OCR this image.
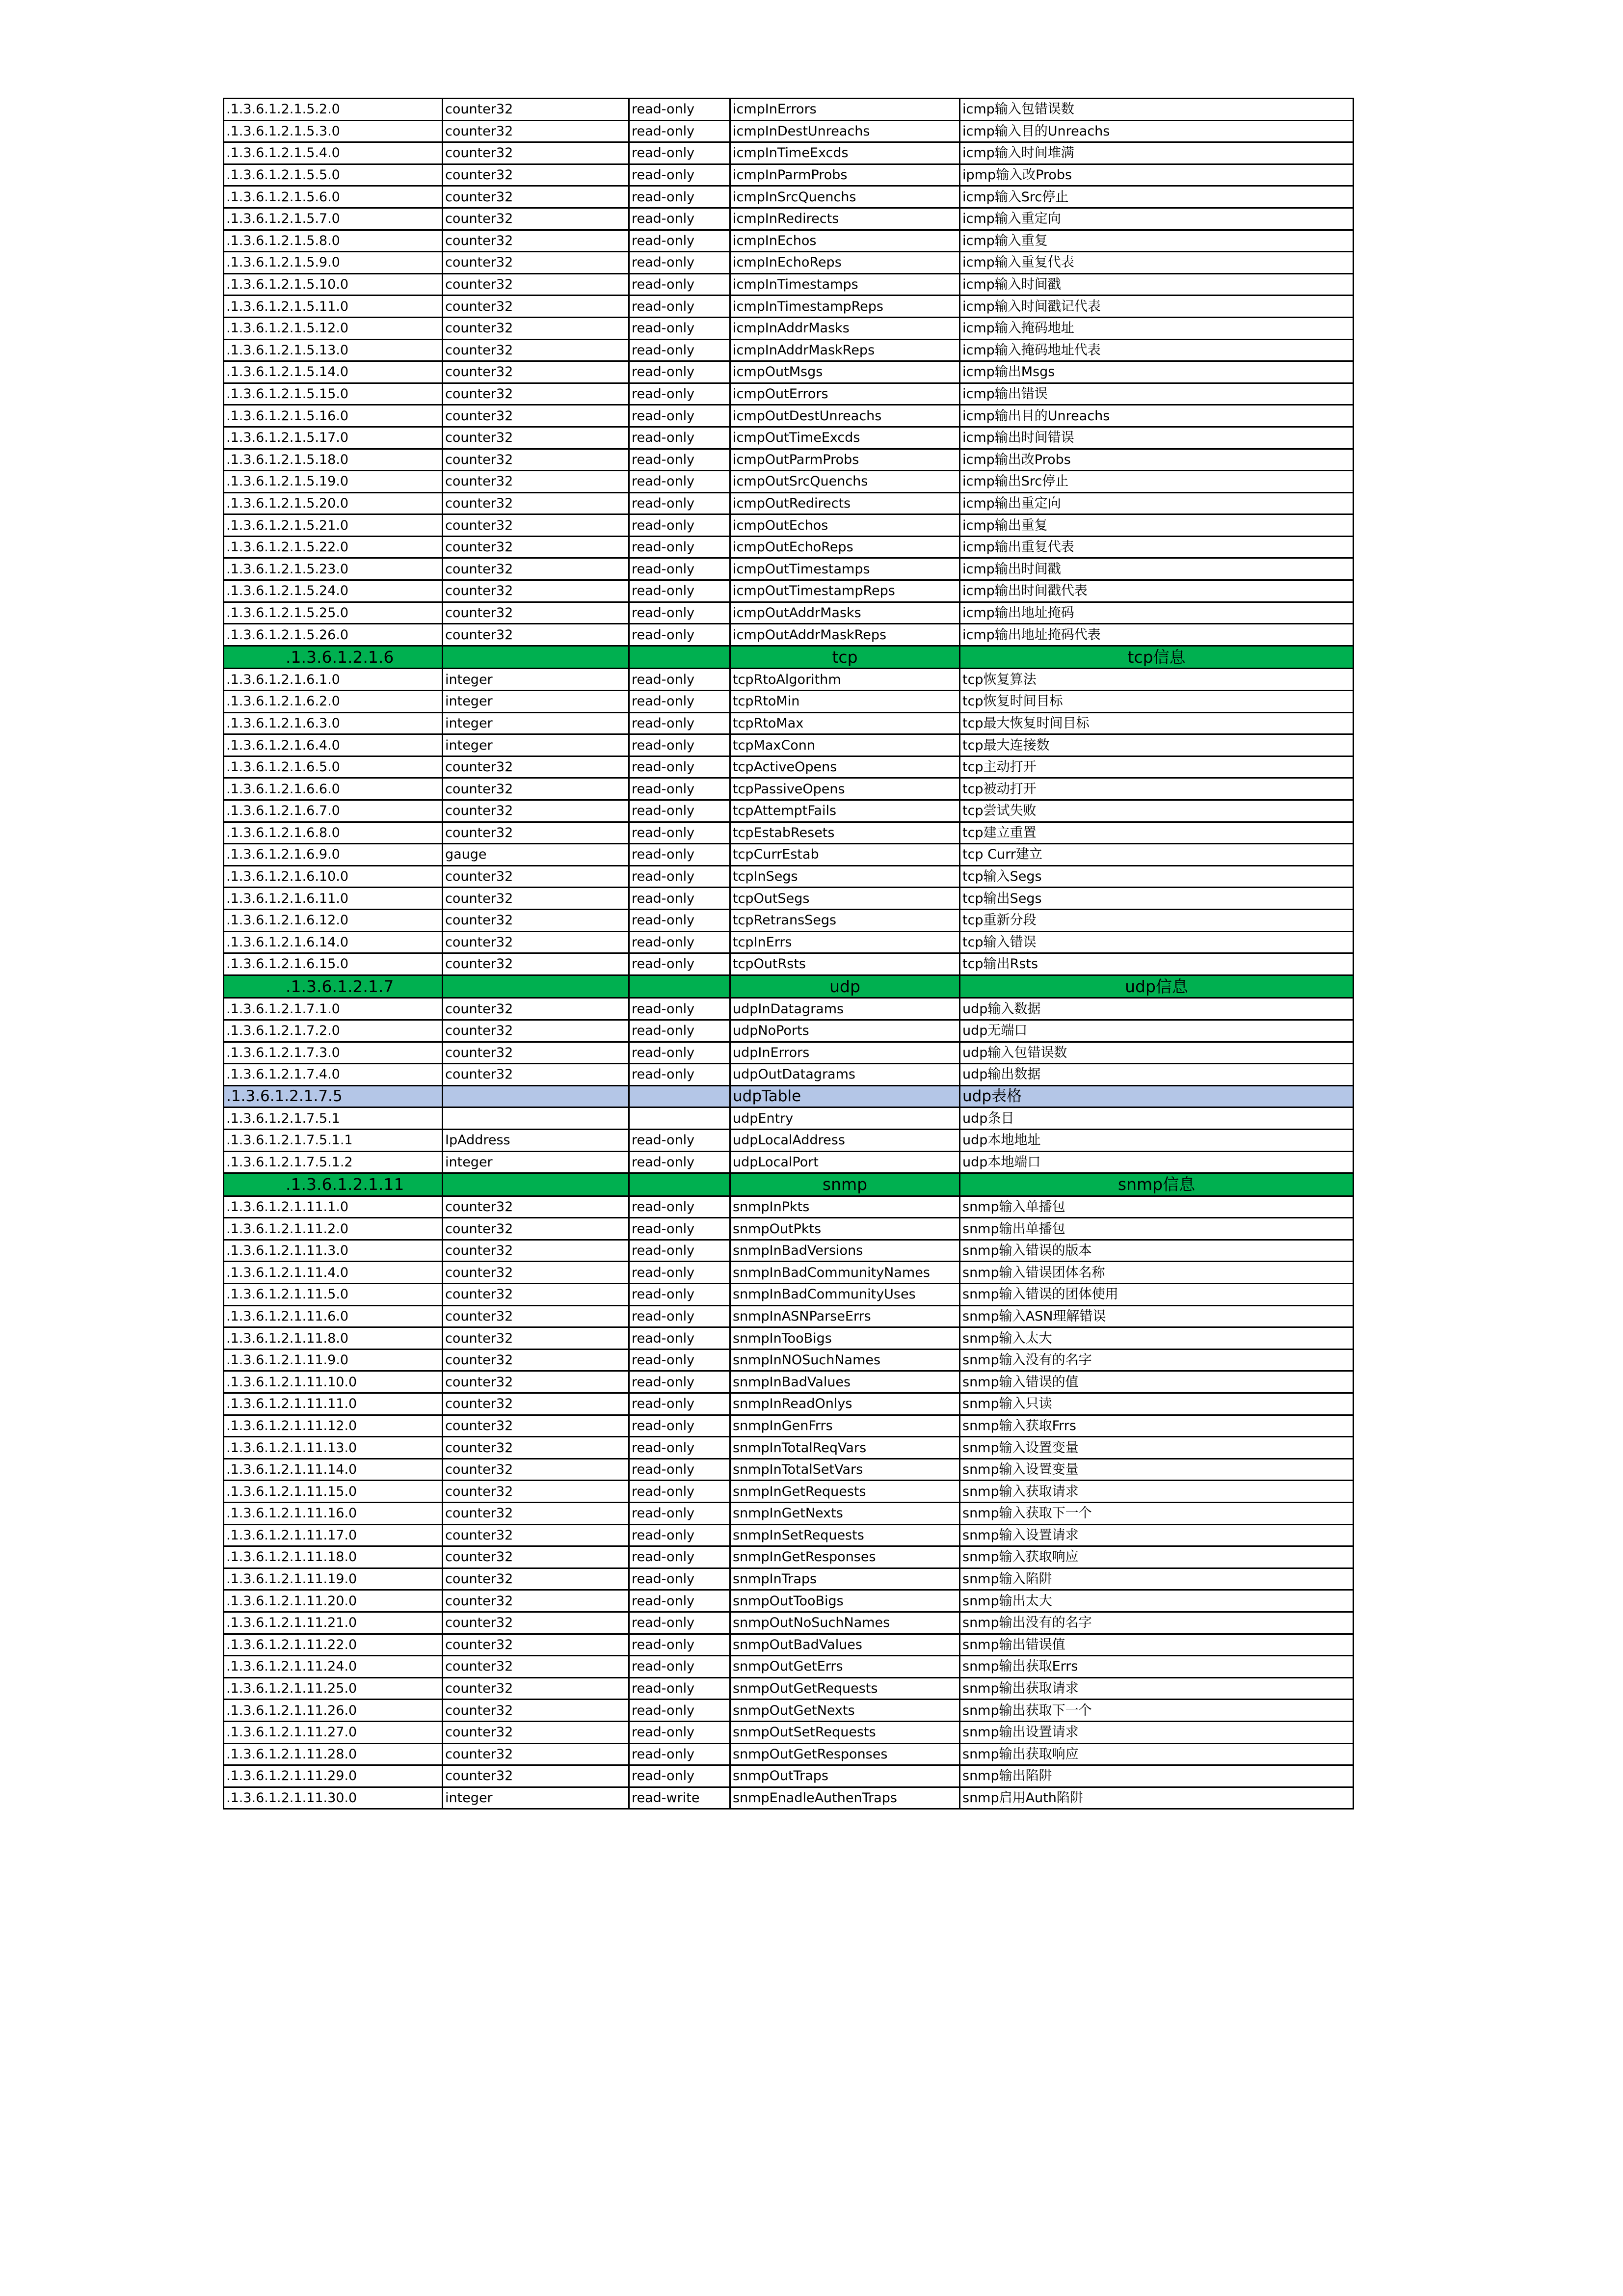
.1.3.6.1.2.1.5.2.0	counter32	read-only	icmpInErrors	icmp输入包错误数
.1.3.6.1.2.1.5.3.0	counter32	read-only	icmpInDestUnreachs	icmp输入目的Unreachs
.1.3.6.1.2.1.5.4.0	counter32	read-only	icmpInTimeExcds	icmp输入时间堆满
.1.3.6.1.2.1.5.5.0	counter32	read-only	icmpInParmProbs	ipmp输入改Probs
.1.3.6.1.2.1.5.6.0	counter32	read-only	icmpInSrcQuenchs	icmp输入Src停止
.1.3.6.1.2.1.5.7.0	counter32	read-only	icmpInRedirects	icmp输入重定向
.1.3.6.1.2.1.5.8.0	counter32	read-only	icmpInEchos	icmp输入重复
.1.3.6.1.2.1.5.9.0	counter32	read-only	icmpInEchoReps	icmp输入重复代表
.1.3.6.1.2.1.5.10.0	counter32	read-only	icmpInTimestamps	icmp输入时间戳
.1.3.6.1.2.1.5.11.0	counter32	read-only	icmpInTimestampReps	icmp输入时间戳记代表
.1.3.6.1.2.1.5.12.0	counter32	read-only	icmpInAddrMasks	icmp输入掩码地址
.1.3.6.1.2.1.5.13.0	counter32	read-only	icmpInAddrMaskReps	icmp输入掩码地址代表
.1.3.6.1.2.1.5.14.0	counter32	read-only	icmpOutMsgs	icmp输出Msgs
.1.3.6.1.2.1.5.15.0	counter32	read-only	icmpOutErrors	icmp输出错误
.1.3.6.1.2.1.5.16.0	counter32	read-only	icmpOutDestUnreachs	icmp输出目的Unreachs
.1.3.6.1.2.1.5.17.0	counter32	read-only	icmpOutTimeExcds	icmp输出时间错误
.1.3.6.1.2.1.5.18.0	counter32	read-only	icmpOutParmProbs	icmp输出改Probs
.1.3.6.1.2.1.5.19.0	counter32	read-only	icmpOutSrcQuenchs	icmp输出Src停止
.1.3.6.1.2.1.5.20.0	counter32	read-only	icmpOutRedirects	icmp输出重定向
.1.3.6.1.2.1.5.21.0	counter32	read-only	icmpOutEchos	icmp输出重复
.1.3.6.1.2.1.5.22.0	counter32	read-only	icmpOutEchoReps	icmp输出重复代表
.1.3.6.1.2.1.5.23.0	counter32	read-only	icmpOutTimestamps	icmp输出时间戳
.1.3.6.1.2.1.5.24.0	counter32	read-only	icmpOutTimestampReps	icmp输出时间戳代表
.1.3.6.1.2.1.5.25.0	counter32	read-only	icmpOutAddrMasks	icmp输出地址掩码
.1.3.6.1.2.1.5.26.0	counter32	read-only	icmpOutAddrMaskReps	icmp输出地址掩码代表
.1.3.6.1.2.1.6			tcp	tcp信息
.1.3.6.1.2.1.6.1.0	integer	read-only	tcpRtoAlgorithm	tcp恢复算法
.1.3.6.1.2.1.6.2.0	integer	read-only	tcpRtoMin	tcp恢复时间目标
.1.3.6.1.2.1.6.3.0	integer	read-only	tcpRtoMax	tcp最大恢复时间目标
.1.3.6.1.2.1.6.4.0	integer	read-only	tcpMaxConn	tcp最大连接数
.1.3.6.1.2.1.6.5.0	counter32	read-only	tcpActiveOpens	tcp主动打开
.1.3.6.1.2.1.6.6.0	counter32	read-only	tcpPassiveOpens	tcp被动打开
.1.3.6.1.2.1.6.7.0	counter32	read-only	tcpAttemptFails	tcp尝试失败
.1.3.6.1.2.1.6.8.0	counter32	read-only	tcpEstabResets	tcp建立重置
.1.3.6.1.2.1.6.9.0	gauge	read-only	tcpCurrEstab	tcp Curr建立
.1.3.6.1.2.1.6.10.0	counter32	read-only	tcpInSegs	tcp输入Segs
.1.3.6.1.2.1.6.11.0	counter32	read-only	tcpOutSegs	tcp输出Segs
.1.3.6.1.2.1.6.12.0	counter32	read-only	tcpRetransSegs	tcp重新分段
.1.3.6.1.2.1.6.14.0	counter32	read-only	tcpInErrs	tcp输入错误
.1.3.6.1.2.1.6.15.0	counter32	read-only	tcpOutRsts	tcp输出Rsts
.1.3.6.1.2.1.7			udp	udp信息
.1.3.6.1.2.1.7.1.0	counter32	read-only	udpInDatagrams	udp输入数据
.1.3.6.1.2.1.7.2.0	counter32	read-only	udpNoPorts	udp无端口
.1.3.6.1.2.1.7.3.0	counter32	read-only	udpInErrors	udp输入包错误数
.1.3.6.1.2.1.7.4.0	counter32	read-only	udpOutDatagrams	udp输出数据
.1.3.6.1.2.1.7.5			udpTable	udp表格
.1.3.6.1.2.1.7.5.1			udpEntry	udp条目
.1.3.6.1.2.1.7.5.1.1	IpAddress	read-only	udpLocalAddress	udp本地地址
.1.3.6.1.2.1.7.5.1.2	integer	read-only	udpLocalPort	udp本地端口
.1.3.6.1.2.1.11			snmp	snmp信息
.1.3.6.1.2.1.11.1.0	counter32	read-only	snmpInPkts	snmp输入单播包
.1.3.6.1.2.1.11.2.0	counter32	read-only	snmpOutPkts	snmp输出单播包
.1.3.6.1.2.1.11.3.0	counter32	read-only	snmpInBadVersions	snmp输入错误的版本
.1.3.6.1.2.1.11.4.0	counter32	read-only	snmpInBadCommunityNames	snmp输入错误团体名称
.1.3.6.1.2.1.11.5.0	counter32	read-only	snmpInBadCommunityUses	snmp输入错误的团体使用
.1.3.6.1.2.1.11.6.0	counter32	read-only	snmpInASNParseErrs	snmp输入ASN理解错误
.1.3.6.1.2.1.11.8.0	counter32	read-only	snmpInTooBigs	snmp输入太大
.1.3.6.1.2.1.11.9.0	counter32	read-only	snmpInNOSuchNames	snmp输入没有的名字
.1.3.6.1.2.1.11.10.0	counter32	read-only	snmpInBadValues	snmp输入错误的值
.1.3.6.1.2.1.11.11.0	counter32	read-only	snmpInReadOnlys	snmp输入只读
.1.3.6.1.2.1.11.12.0	counter32	read-only	snmpInGenFrrs	snmp输入获取Frrs
.1.3.6.1.2.1.11.13.0	counter32	read-only	snmpInTotalReqVars	snmp输入设置变量
.1.3.6.1.2.1.11.14.0	counter32	read-only	snmpInTotalSetVars	snmp输入设置变量
.1.3.6.1.2.1.11.15.0	counter32	read-only	snmpInGetRequests	snmp输入获取请求
.1.3.6.1.2.1.11.16.0	counter32	read-only	snmpInGetNexts	snmp输入获取下一个
.1.3.6.1.2.1.11.17.0	counter32	read-only	snmpInSetRequests	snmp输入设置请求
.1.3.6.1.2.1.11.18.0	counter32	read-only	snmpInGetResponses	snmp输入获取响应
.1.3.6.1.2.1.11.19.0	counter32	read-only	snmpInTraps	snmp输入陷阱
.1.3.6.1.2.1.11.20.0	counter32	read-only	snmpOutTooBigs	snmp输出太大
.1.3.6.1.2.1.11.21.0	counter32	read-only	snmpOutNoSuchNames	snmp输出没有的名字
.1.3.6.1.2.1.11.22.0	counter32	read-only	snmpOutBadValues	snmp输出错误值
.1.3.6.1.2.1.11.24.0	counter32	read-only	snmpOutGetErrs	snmp输出获取Errs
.1.3.6.1.2.1.11.25.0	counter32	read-only	snmpOutGetRequests	snmp输出获取请求
.1.3.6.1.2.1.11.26.0	counter32	read-only	snmpOutGetNexts	snmp输出获取下一个
.1.3.6.1.2.1.11.27.0	counter32	read-only	snmpOutSetRequests	snmp输出设置请求
.1.3.6.1.2.1.11.28.0	counter32	read-only	snmpOutGetResponses	snmp输出获取响应
.1.3.6.1.2.1.11.29.0	counter32	read-only	snmpOutTraps	snmp输出陷阱
.1.3.6.1.2.1.11.30.0	integer	read-write	snmpEnadleAuthenTraps	snmp启用Auth陷阱
